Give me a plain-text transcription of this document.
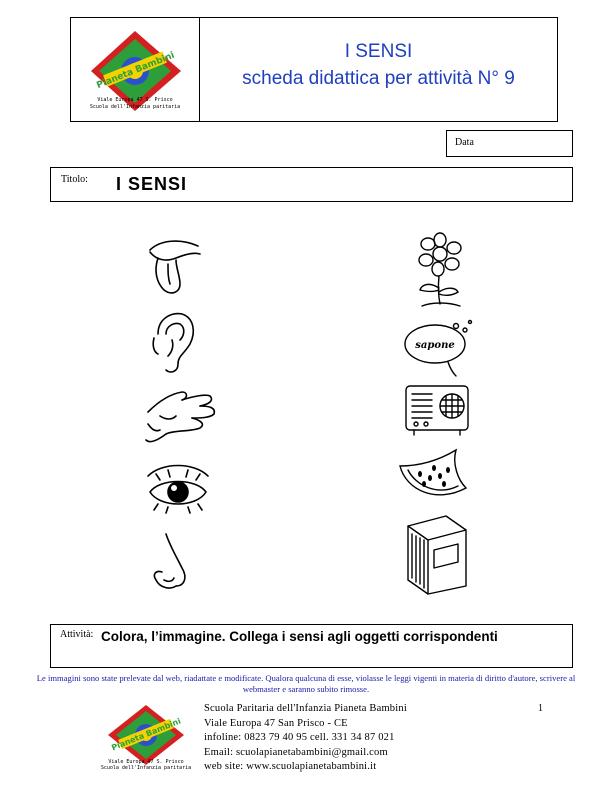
Pianeta Bambini
Viale Europa 47 S. Prisco
Scuola dell'Infanzia paritaria
I SENSI
scheda didattica per attività N° 9
Data
Titolo: I SENSI
sapone
Attività: Colora, l’immagine. Collega i sensi agli oggetti corrispondenti
Le immagini sono state prelevate dal web, riadattate e modificate. Qualora qualcuna di esse, violasse le leggi vigenti in materia di diritto d'autore, scrivere al webmaster e saranno subito rimosse.
Pianeta Bambini
Viale Europa 47 S. Prisco
Scuola dell'Infanzia paritaria
Scuola Paritaria dell'Infanzia Pianeta Bambini
Viale Europa 47 San Prisco - CE
infoline: 0823 79 40 95 cell. 331 34 87 021
Email: scuolapianetabambini@gmail.com
web site: www.scuolapianetabambini.it
1
